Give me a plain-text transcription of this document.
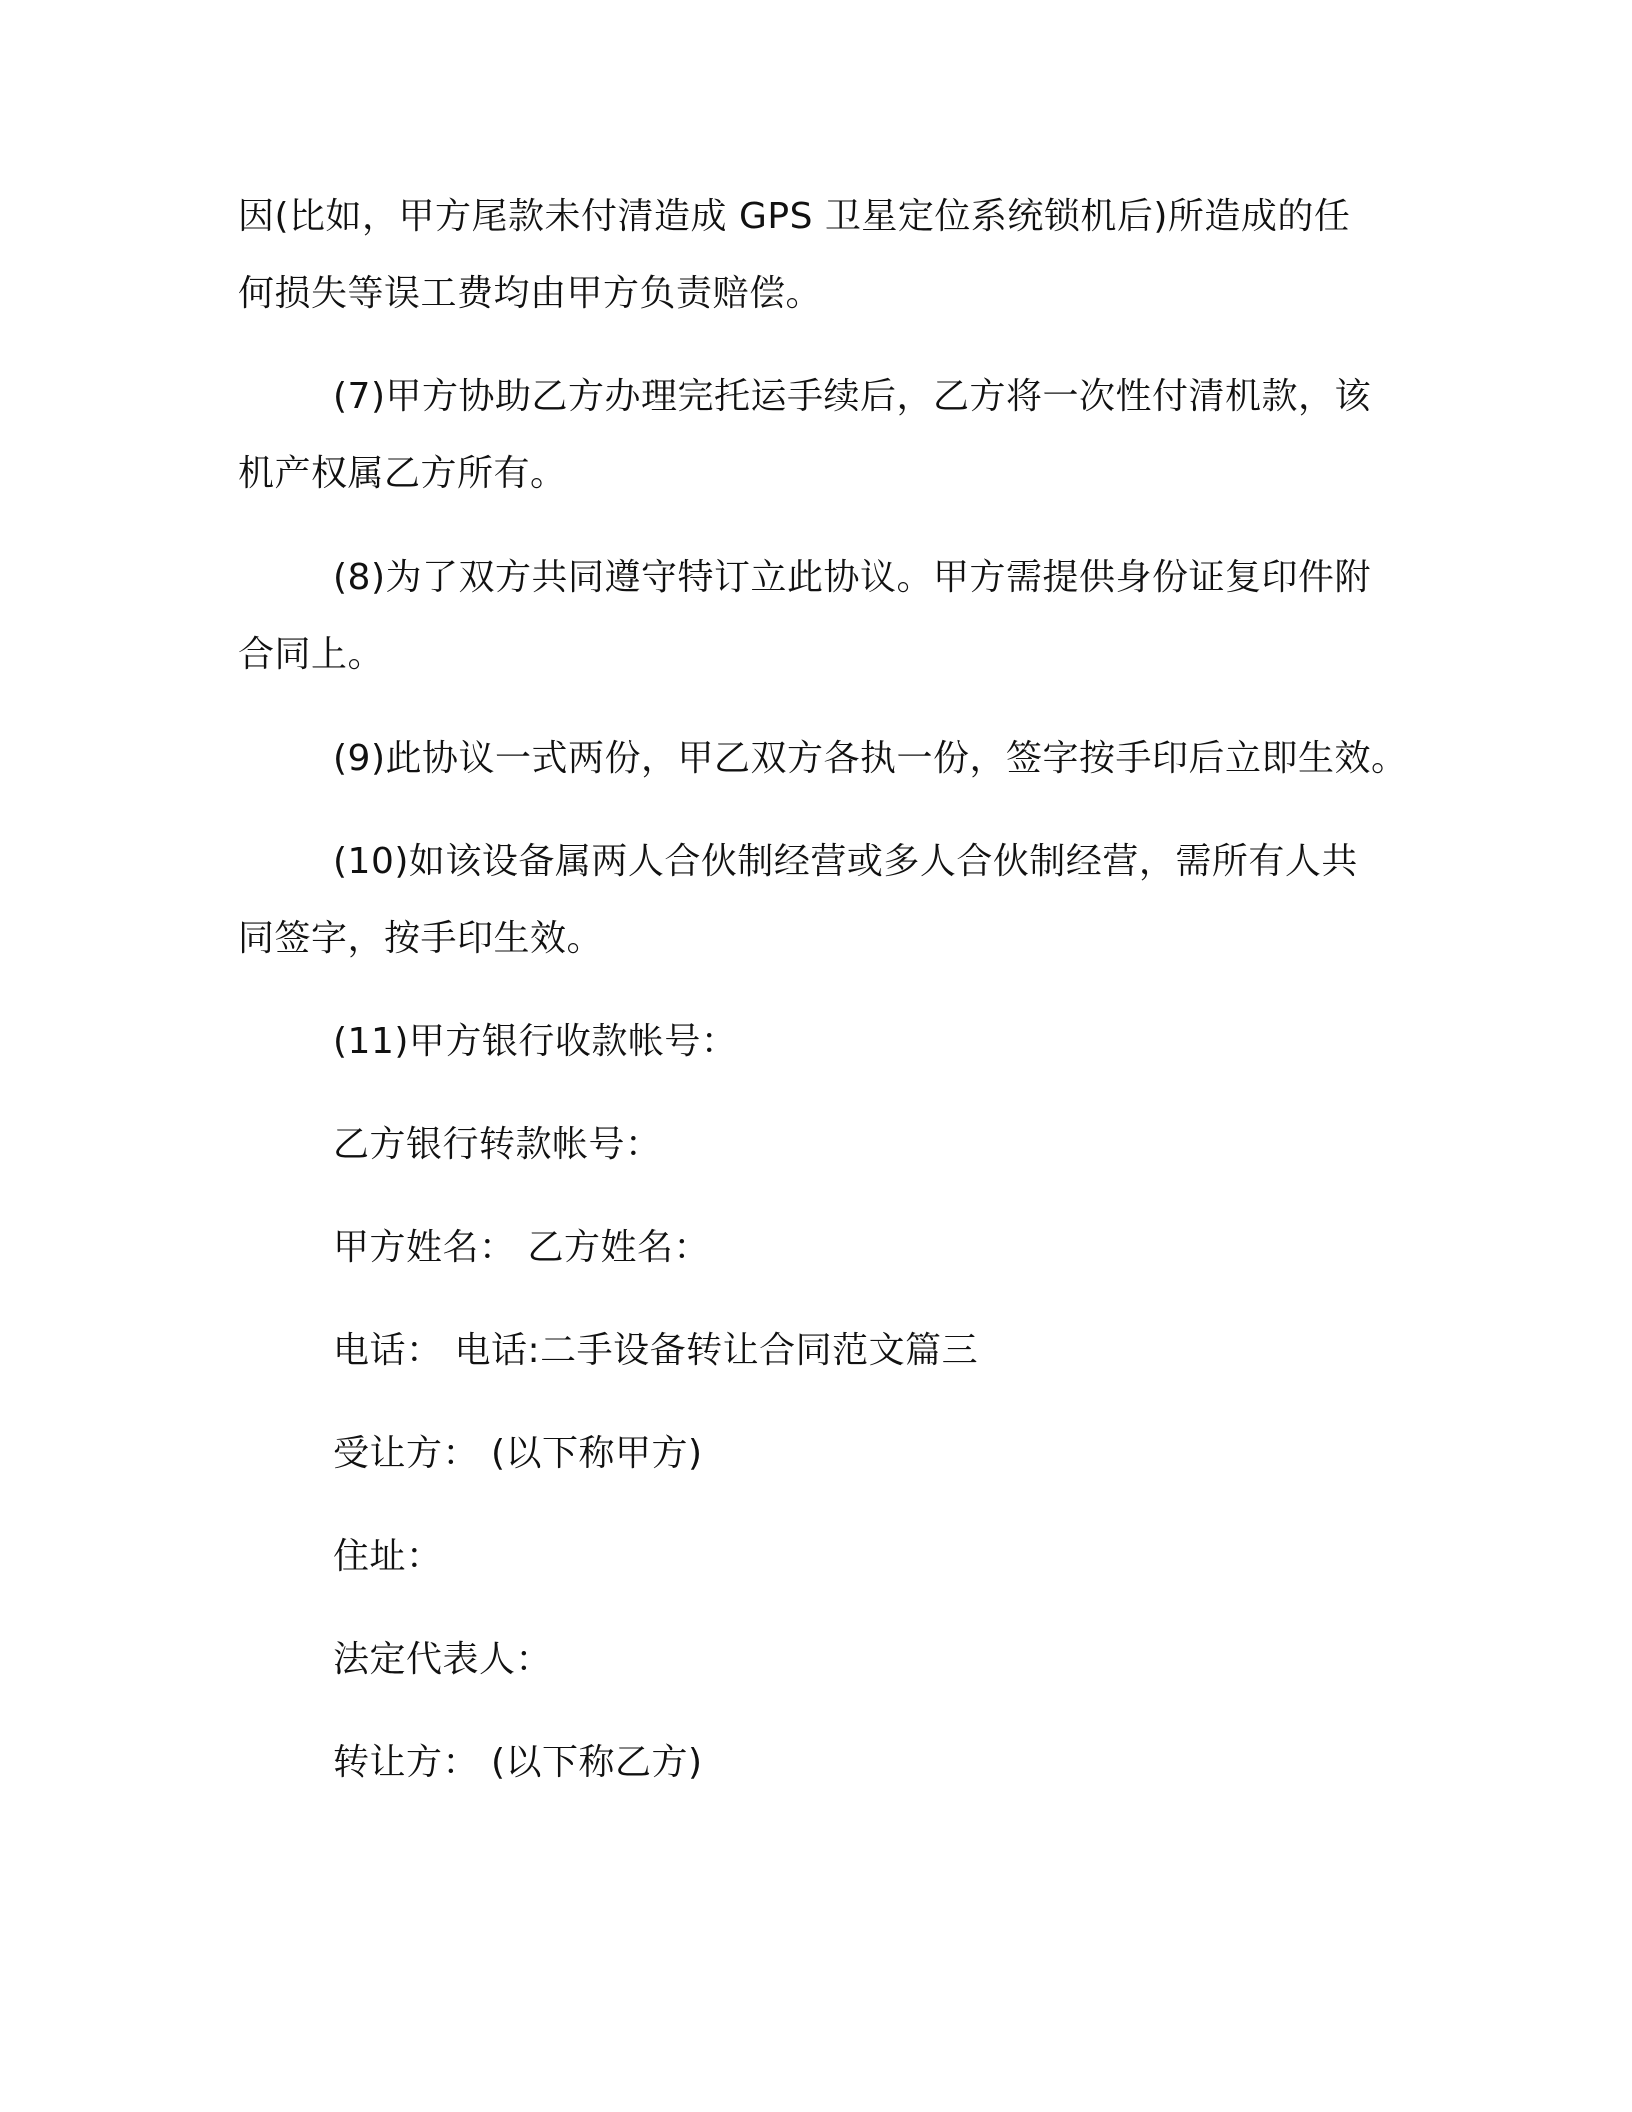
因(比如，甲方尾款未付清造成 GPS 卫星定位系统锁机后)所造成的任
何损失等误工费均由甲方负责赔偿。
(7)甲方协助乙方办理完托运手续后，乙方将一次性付清机款，该
机产权属乙方所有。
(8)为了双方共同遵守特订立此协议。甲方需提供身份证复印件附
合同上。
(9)此协议一式两份，甲乙双方各执一份，签字按手印后立即生效。
(10)如该设备属两人合伙制经营或多人合伙制经营，需所有人共
同签字，按手印生效。
(11)甲方银行收款帐号：
乙方银行转款帐号：
甲方姓名： 乙方姓名：
电话： 电话:二手设备转让合同范文篇三
受让方： (以下称甲方)
住址：
法定代表人：
转让方： (以下称乙方)
